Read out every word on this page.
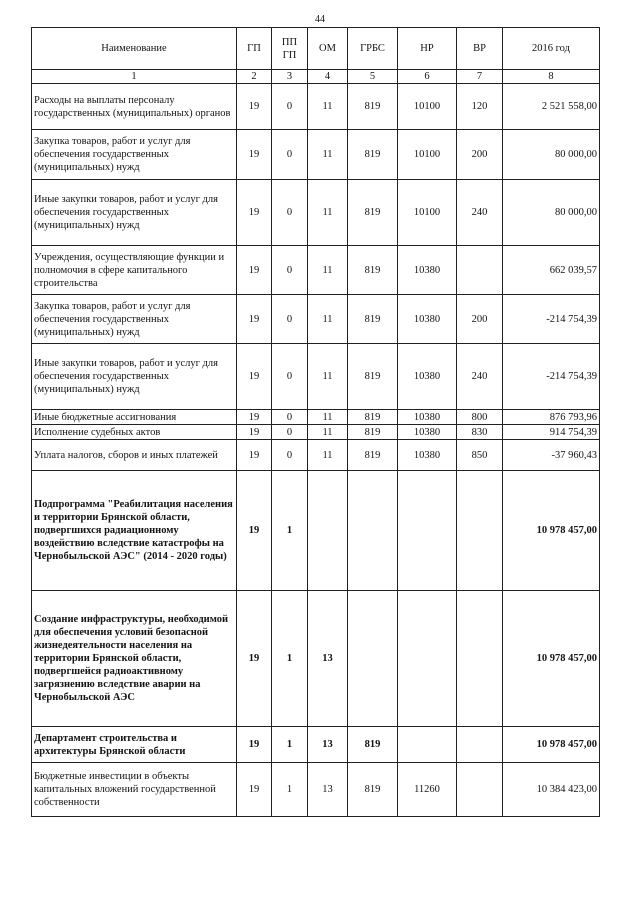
44
Наименование	ГП	ПП ГП	ОМ	ГРБС	НР	ВР	2016 год
1	2	3	4	5	6	7	8
Расходы на выплаты персоналу государственных (муниципальных) органов	19	0	11	819	10100	120	2 521 558,00
Закупка товаров, работ и услуг для обеспечения государственных (муниципальных) нужд	19	0	11	819	10100	200	80 000,00
Иные закупки товаров, работ и услуг для обеспечения государственных (муниципальных) нужд	19	0	11	819	10100	240	80 000,00
Учреждения, осуществляющие функции и полномочия в сфере капитального строительства	19	0	11	819	10380		662 039,57
Закупка товаров, работ и услуг для обеспечения государственных (муниципальных) нужд	19	0	11	819	10380	200	-214 754,39
Иные закупки товаров, работ и услуг для обеспечения государственных (муниципальных) нужд	19	0	11	819	10380	240	-214 754,39
Иные бюджетные ассигнования	19	0	11	819	10380	800	876 793,96
Исполнение судебных актов	19	0	11	819	10380	830	914 754,39
Уплата налогов, сборов и иных платежей	19	0	11	819	10380	850	-37 960,43
Подпрограмма "Реабилитация населения и территории Брянской области, подвергшихся радиационному воздействию вследствие катастрофы на Чернобыльской АЭС" (2014 - 2020 годы)	19	1					10 978 457,00
Создание инфраструктуры, необходимой для обеспечения условий безопасной жизнедеятельности населения на территории Брянской области, подвергшейся радиоактивному загрязнению вследствие аварии на Чернобыльской АЭС	19	1	13				10 978 457,00
Департамент строительства и архитектуры Брянской области	19	1	13	819			10 978 457,00
Бюджетные инвестиции в объекты капитальных вложений государственной собственности	19	1	13	819	11260		10 384 423,00
